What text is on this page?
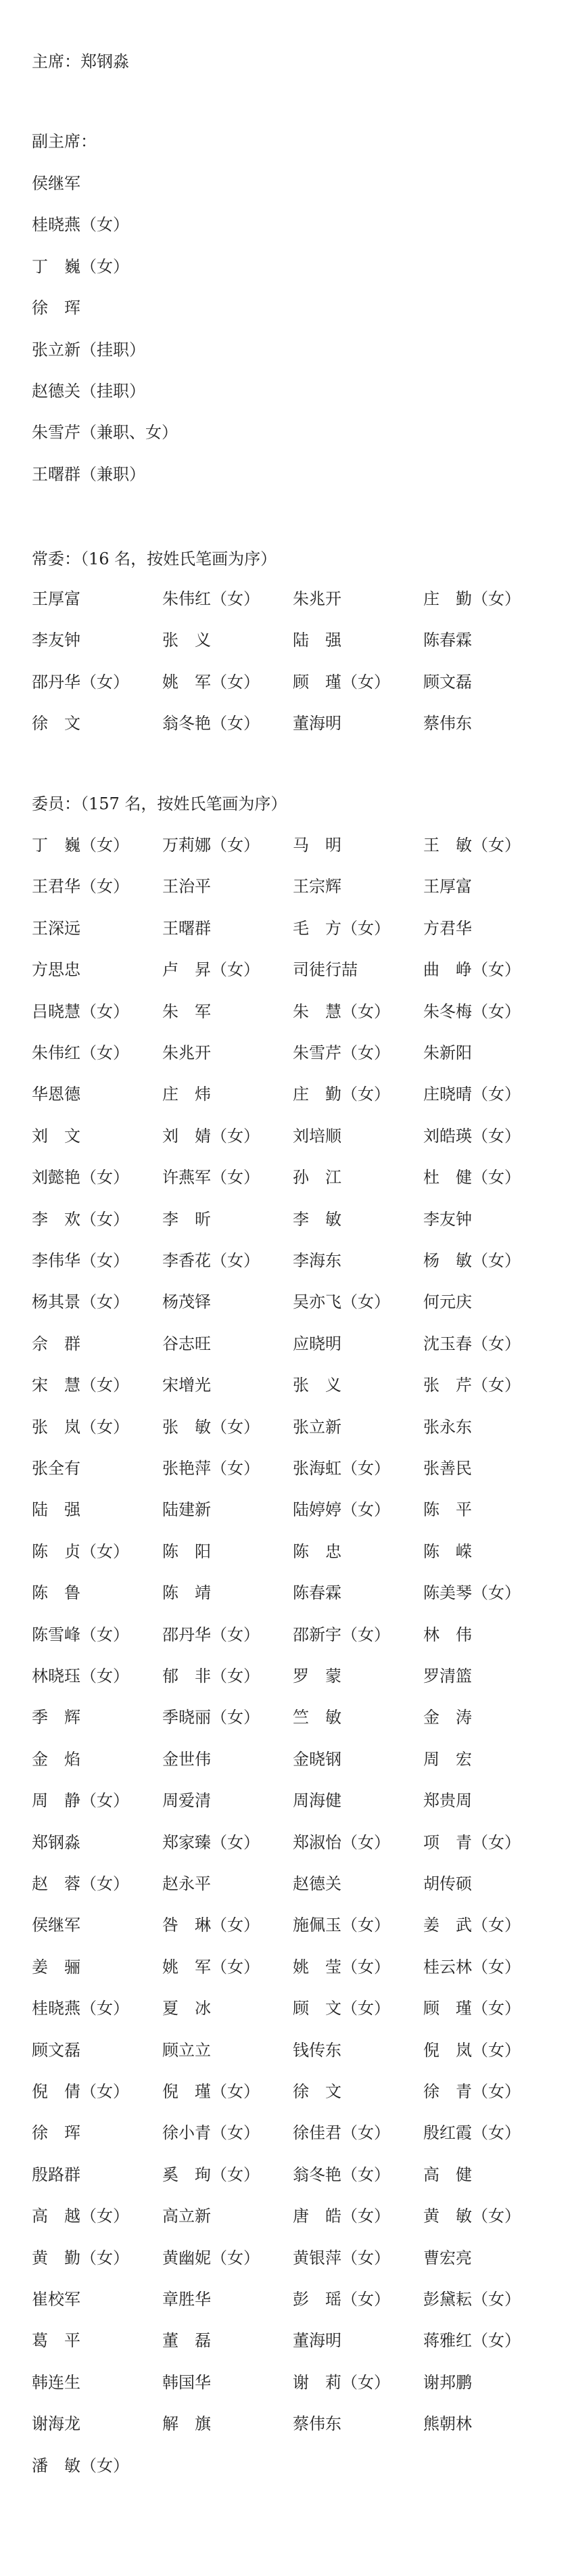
主席：郑钢淼
副主席：
侯继军
桂晓燕（女）
丁　巍（女）
徐　珲
张立新（挂职）
赵德关（挂职）
朱雪芹（兼职、女）
王曙群（兼职）
常委：（16 名，按姓氏笔画为序）
王厚富	朱伟红（女） 朱兆开	庄　勤（女）
李友钟	张　义	陆　强	陈春霖
邵丹华（女） 姚　军（女） 顾　瑾（女） 顾文磊
徐　文	翁冬艳（女） 董海明	蔡伟东
委员：（157 名，按姓氏笔画为序）
丁　巍（女） 万莉娜（女） 马　明	王　敏（女）
王君华（女） 王治平	王宗辉	王厚富
王深远	王曙群	毛　方（女） 方君华
方思忠	卢　昇（女） 司徒行喆	曲　峥（女）
吕晓慧（女） 朱　军	朱　慧（女） 朱冬梅（女）
朱伟红（女） 朱兆开	朱雪芹（女） 朱新阳
华恩德	庄　炜	庄　勤（女） 庄晓晴（女）
刘　文	刘　婧（女） 刘培顺	刘皓瑛（女）
刘懿艳（女） 许燕军（女） 孙　江	杜　健（女）
李　欢（女） 李　昕	李　敏	李友钟
李伟华（女） 李香花（女） 李海东	杨　敏（女）
杨其景（女） 杨茂铎	吴亦飞（女） 何元庆
佘　群	谷志旺	应晓明	沈玉春（女）
宋　慧（女） 宋增光	张　义	张　芹（女）
张　岚（女） 张　敏（女） 张立新	张永东
张全有	张艳萍（女） 张海虹（女） 张善民
陆　强	陆建新	陆婷婷（女） 陈　平
陈　贞（女） 陈　阳	陈　忠	陈　嵘
陈　鲁	陈　靖	陈春霖	陈美琴（女）
陈雪峰（女） 邵丹华（女） 邵新宇（女） 林　伟
林晓珏（女） 郁　非（女） 罗　蒙	罗清篮
季　辉	季晓丽（女） 竺　敏	金　涛
金　焰	金世伟	金晓钢	周　宏
周　静（女） 周爱清	周海健	郑贵周
郑钢淼	郑家臻（女） 郑淑怡（女） 项　青（女）
赵　蓉（女） 赵永平	赵德关	胡传硕
侯继军	咎　琳（女） 施佩玉（女） 姜　武（女）
姜　骊	姚　军（女） 姚　莹（女） 桂云林（女）
桂晓燕（女） 夏　冰	顾　文（女） 顾　瑾（女）
顾文磊	顾立立	钱传东	倪　岚（女）
倪　倩（女） 倪　瑾（女） 徐　文	徐　青（女）
徐　珲	徐小青（女） 徐佳君（女） 殷红霞（女）
殷路群	奚　珣（女） 翁冬艳（女） 高　健
高　越（女） 高立新	唐　皓（女） 黄　敏（女）
黄　勤（女） 黄幽妮（女） 黄银萍（女） 曹宏亮
崔校军	章胜华	彭　瑶（女） 彭黛耘（女）
葛　平	董　磊	董海明	蒋雅红（女）
韩连生	韩国华	谢　莉（女） 谢邦鹏
谢海龙	解　旗	蔡伟东	熊朝林
潘　敏（女）
